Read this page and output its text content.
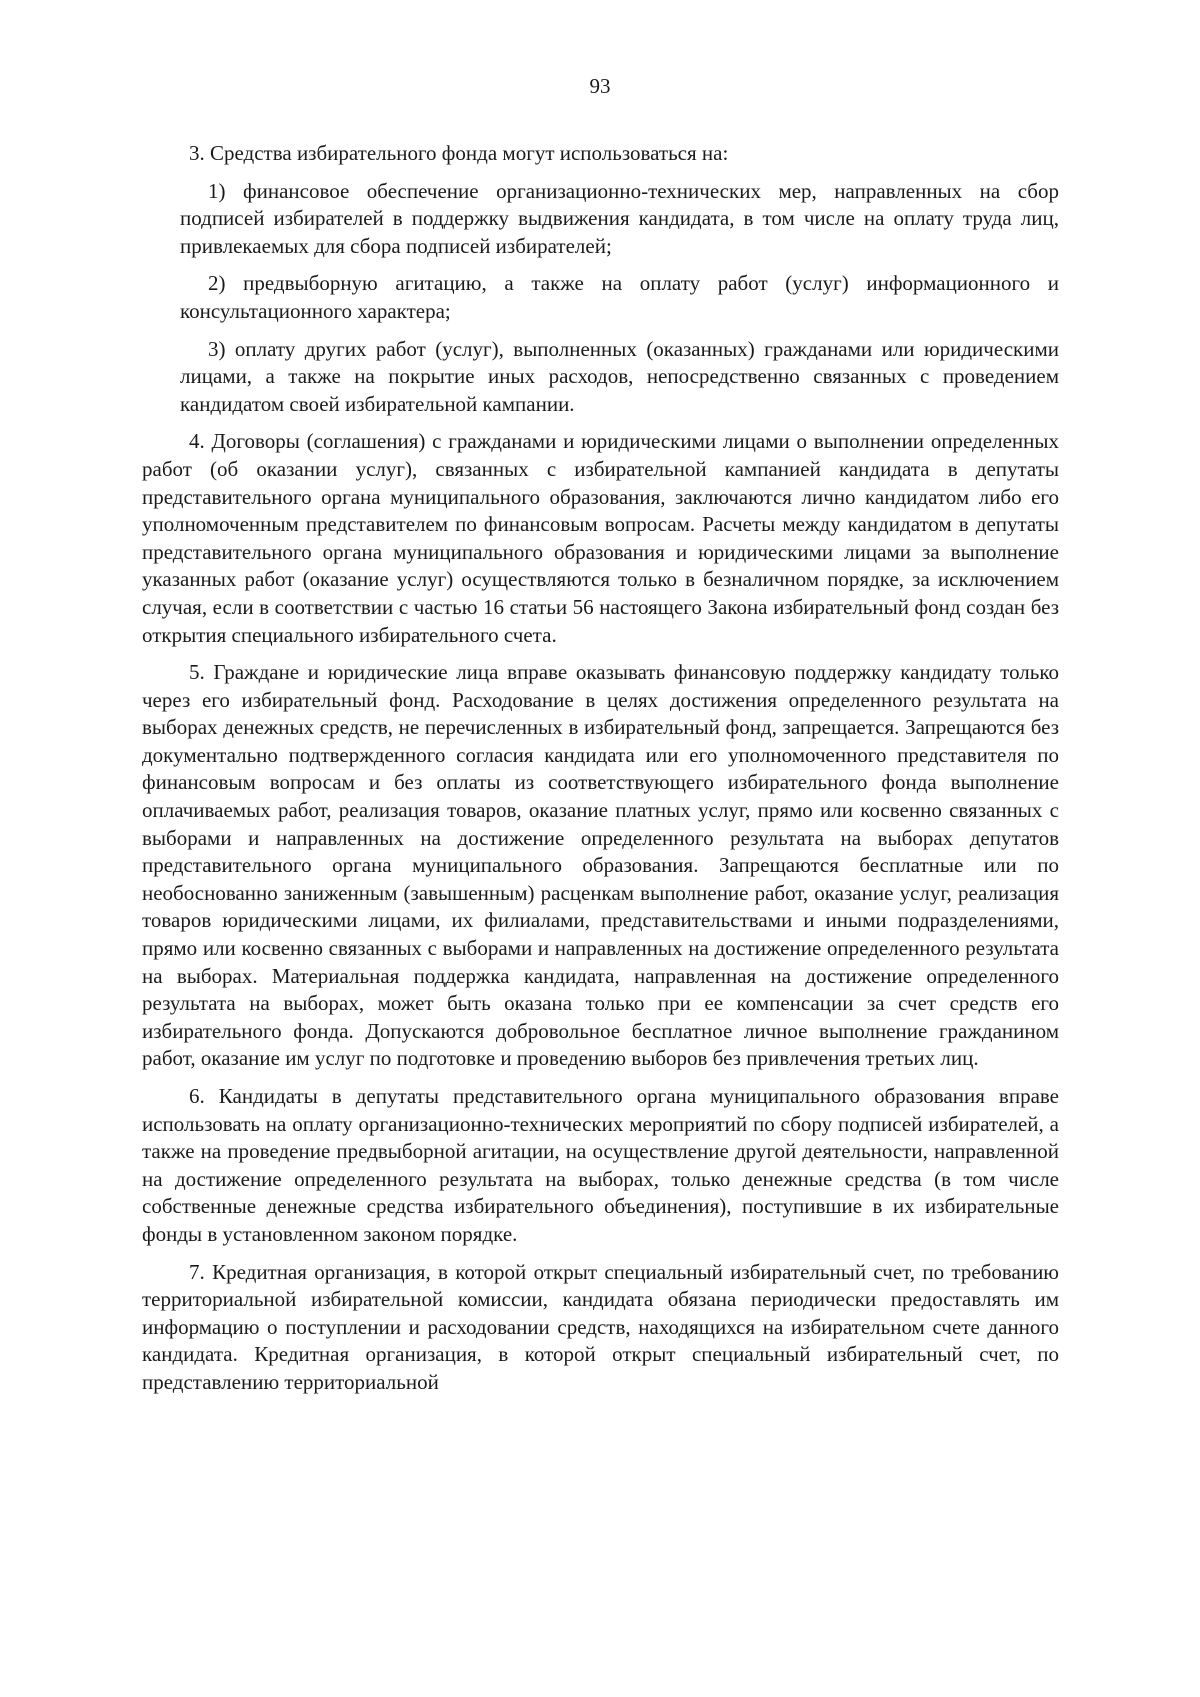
93

3. Средства избирательного фонда могут использоваться на:

1) финансовое обеспечение организационно-технических мер, направленных на сбор подписей избирателей в поддержку выдвижения кандидата, в том числе на оплату труда лиц, привлекаемых для сбора подписей избирателей;

2) предвыборную агитацию, а также на оплату работ (услуг) информационного и консультационного характера;

3) оплату других работ (услуг), выполненных (оказанных) гражданами или юридическими лицами, а также на покрытие иных расходов, непосредственно связанных с проведением кандидатом своей избирательной кампании.

4. Договоры (соглашения) с гражданами и юридическими лицами о выполнении определенных работ (об оказании услуг), связанных с избирательной кампанией кандидата в депутаты представительного органа муниципального образования, заключаются лично кандидатом либо его уполномоченным представителем по финансовым вопросам. Расчеты между кандидатом в депутаты представительного органа муниципального образования и юридическими лицами за выполнение указанных работ (оказание услуг) осуществляются только в безналичном порядке, за исключением случая, если в соответствии с частью 16 статьи 56 настоящего Закона избирательный фонд создан без открытия специального избирательного счета.

5. Граждане и юридические лица вправе оказывать финансовую поддержку кандидату только через его избирательный фонд. Расходование в целях достижения определенного результата на выборах денежных средств, не перечисленных в избирательный фонд, запрещается. Запрещаются без документально подтвержденного согласия кандидата или его уполномоченного представителя по финансовым вопросам и без оплаты из соответствующего избирательного фонда выполнение оплачиваемых работ, реализация товаров, оказание платных услуг, прямо или косвенно связанных с выборами и направленных на достижение определенного результата на выборах депутатов представительного органа муниципального образования. Запрещаются бесплатные или по необоснованно заниженным (завышенным) расценкам выполнение работ, оказание услуг, реализация товаров юридическими лицами, их филиалами, представительствами и иными подразделениями, прямо или косвенно связанных с выборами и направленных на достижение определенного результата на выборах. Материальная поддержка кандидата, направленная на достижение определенного результата на выборах, может быть оказана только при ее компенсации за счет средств его избирательного фонда. Допускаются добровольное бесплатное личное выполнение гражданином работ, оказание им услуг по подготовке и проведению выборов без привлечения третьих лиц.

6. Кандидаты в депутаты представительного органа муниципального образования вправе использовать на оплату организационно-технических мероприятий по сбору подписей избирателей, а также на проведение предвыборной агитации, на осуществление другой деятельности, направленной на достижение определенного результата на выборах, только денежные средства (в том числе собственные денежные средства избирательного объединения), поступившие в их избирательные фонды в установленном законом порядке.

7. Кредитная организация, в которой открыт специальный избирательный счет, по требованию территориальной избирательной комиссии, кандидата обязана периодически предоставлять им информацию о поступлении и расходовании средств, находящихся на избирательном счете данного кандидата. Кредитная организация, в которой открыт специальный избирательный счет, по представлению территориальной
